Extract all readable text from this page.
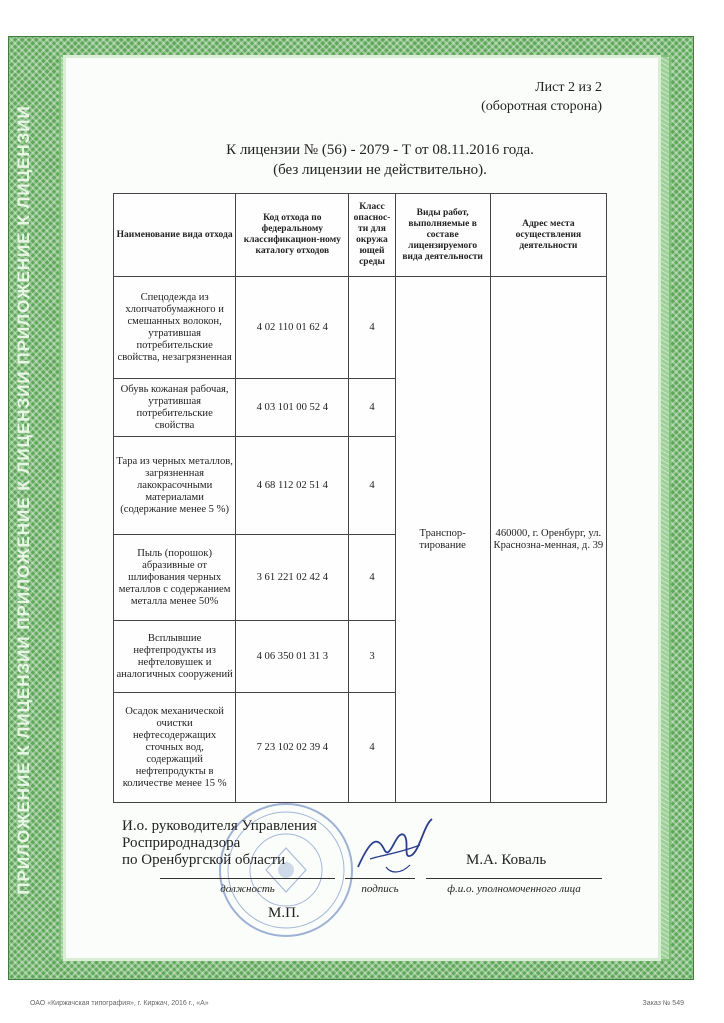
ПРИЛОЖЕНИЕ К ЛИЦЕНЗИИ ПРИЛОЖЕНИЕ К ЛИЦЕНЗИИ ПРИЛОЖЕНИЕ К ЛИЦЕНЗИИ
Лист 2 из 2
(оборотная сторона)
К лицензии № (56) - 2079 - Т от 08.11.2016 года.
(без лицензии не действительно).
Наименование вида отхода	Код отхода по федеральному классификацион-ному каталогу отходов	Класс опаснос-ти для окружа ющей среды	Виды работ, выполняемые в составе лицензируемого вида деятельности	Адрес места осуществления деятельности
Спецодежда из хлопчатобумажного и смешанных волокон, утратившая потребительские свойства, незагрязненная	4 02 110 01 62 4	4	Транспор-тирование	460000, г. Оренбург, ул. Краснозна-менная, д. 39
Обувь кожаная рабочая, утратившая потребительские свойства	4 03 101 00 52 4	4		
Тара из черных металлов, загрязненная лакокрасочными материалами (содержание менее 5 %)	4 68 112 02 51 4	4		
Пыль (порошок) абразивные от шлифования черных металлов с содержанием металла менее 50%	3 61 221 02 42 4	4		
Всплывшие нефтепродукты из нефтеловушек и аналогичных сооружений	4 06 350 01 31 3	3		
Осадок механической очистки нефтесодержащих сточных вод, содержащий нефтепродукты в количестве менее 15 %	7 23 102 02 39 4	4		
И.о. руководителя Управления
Росприроднадзора
по Оренбургской области	М.А. Коваль
должность	подпись	ф.и.о. уполномоченного лица
М.П.
ОАО «Киржачская типография», г. Киржач, 2016 г., «А»	Заказ № 549
